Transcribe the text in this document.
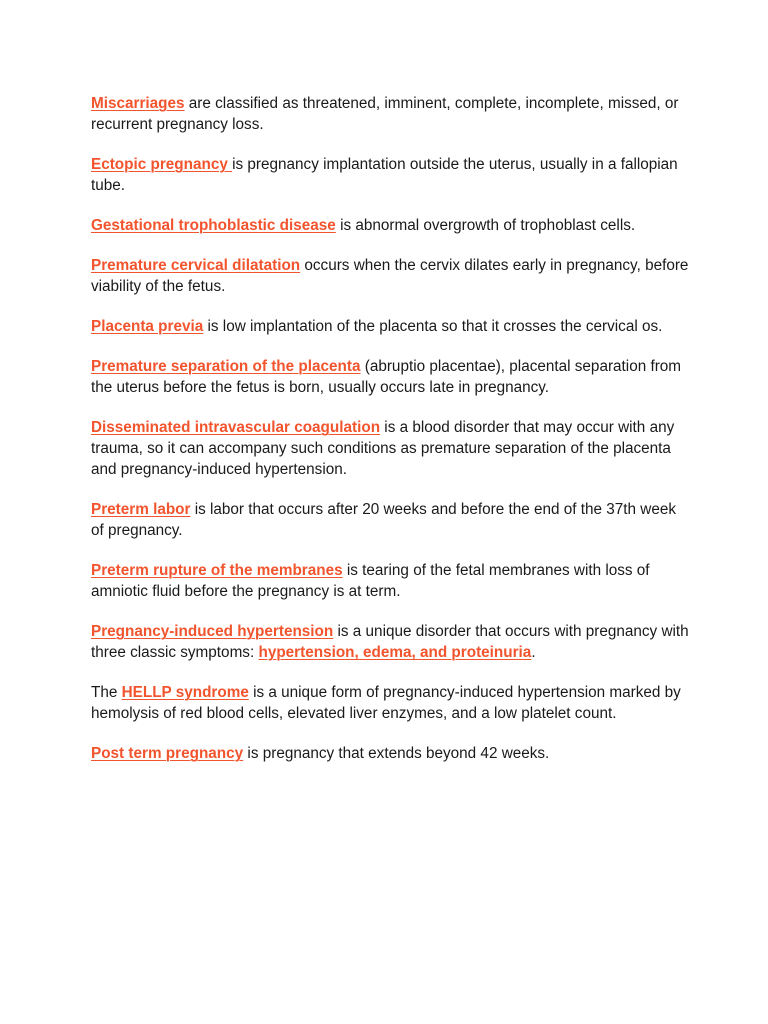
Miscarriages are classified as threatened, imminent, complete, incomplete, missed, or recurrent pregnancy loss.

Ectopic pregnancy is pregnancy implantation outside the uterus, usually in a fallopian tube.

Gestational trophoblastic disease is abnormal overgrowth of trophoblast cells.

Premature cervical dilatation occurs when the cervix dilates early in pregnancy, before viability of the fetus.

Placenta previa is low implantation of the placenta so that it crosses the cervical os.

Premature separation of the placenta (abruptio placentae), placental separation from the uterus before the fetus is born, usually occurs late in pregnancy.

Disseminated intravascular coagulation is a blood disorder that may occur with any trauma, so it can accompany such conditions as premature separation of the placenta and pregnancy-induced hypertension.

Preterm labor is labor that occurs after 20 weeks and before the end of the 37th week of pregnancy.

Preterm rupture of the membranes is tearing of the fetal membranes with loss of amniotic fluid before the pregnancy is at term.

Pregnancy-induced hypertension is a unique disorder that occurs with pregnancy with three classic symptoms: hypertension, edema, and proteinuria.

The HELLP syndrome is a unique form of pregnancy-induced hypertension marked by hemolysis of red blood cells, elevated liver enzymes, and a low platelet count.

Post term pregnancy is pregnancy that extends beyond 42 weeks.
